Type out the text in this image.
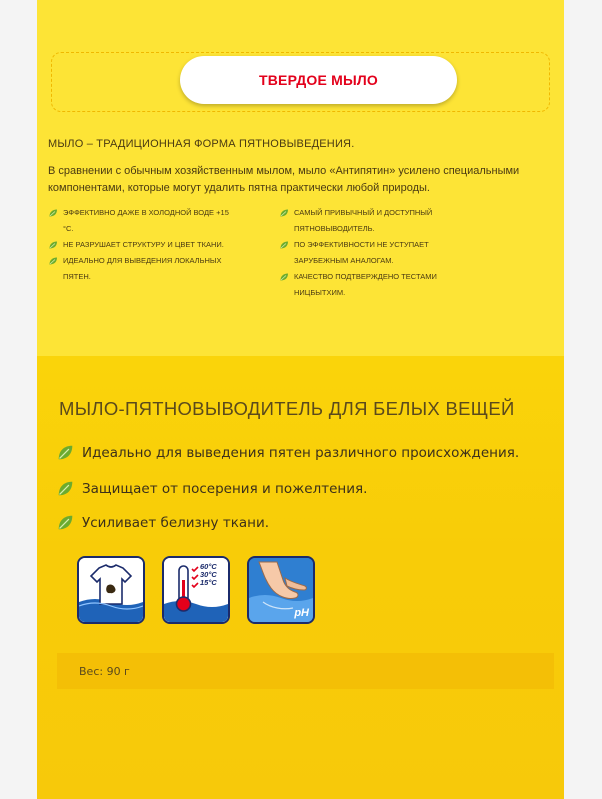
ТВЕРДОЕ МЫЛО
МЫЛО – ТРАДИЦИОННАЯ ФОРМА ПЯТНОВЫВЕДЕНИЯ.
В сравнении с обычным хозяйственным мылом, мыло «Антипятин» усилено специальными
компонентами, которые могут удалить пятна практически любой природы.
ЭФФЕКТИВНО ДАЖЕ В ХОЛОДНОЙ ВОДЕ +15
°С.
НЕ РАЗРУШАЕТ СТРУКТУРУ И ЦВЕТ ТКАНИ.
ИДЕАЛЬНО ДЛЯ ВЫВЕДЕНИЯ ЛОКАЛЬНЫХ
ПЯТЕН.
САМЫЙ ПРИВЫЧНЫЙ И ДОСТУПНЫЙ
ПЯТНОВЫВОДИТЕЛЬ.
ПО ЭФФЕКТИВНОСТИ НЕ УСТУПАЕТ
ЗАРУБЕЖНЫМ АНАЛОГАМ.
КАЧЕСТВО ПОДТВЕРЖДЕНО ТЕСТАМИ
НИЦБЫТХИМ.
МЫЛО-ПЯТНОВЫВОДИТЕЛЬ ДЛЯ БЕЛЫХ ВЕЩЕЙ
Идеально для выведения пятен различного происхождения.
Защищает от посерения и пожелтения.
Усиливает белизну ткани.
60°C
30°C
15°C
pH
Вес: 90 г
